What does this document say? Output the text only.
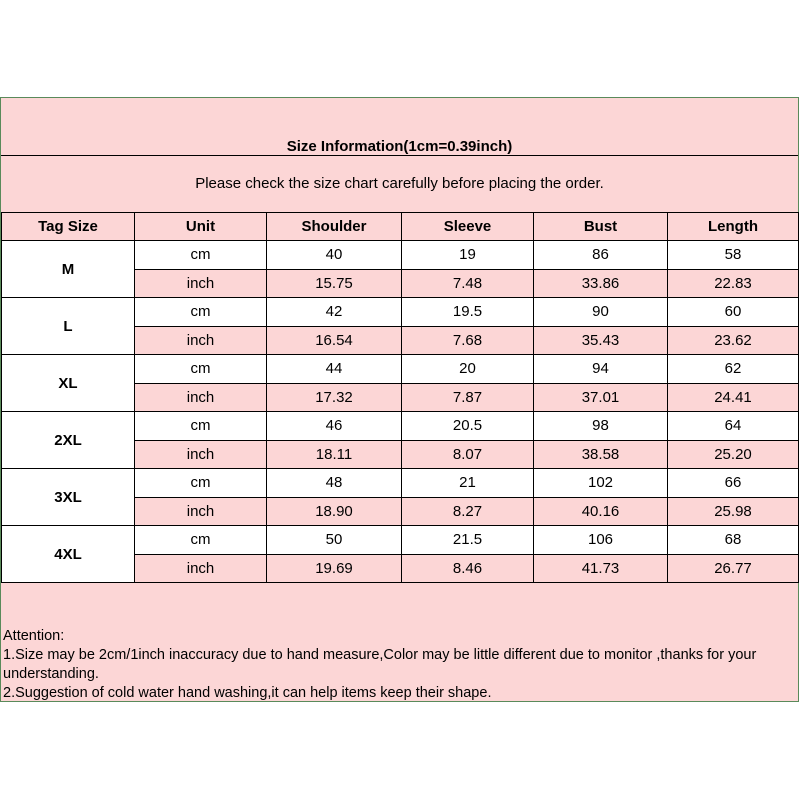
Size Information(1cm=0.39inch)
Please check the size chart carefully before placing the order.
Tag Size	Unit	Shoulder	Sleeve	Bust	Length
M	cm	40	19	86	58
	inch	15.75	7.48	33.86	22.83
L	cm	42	19.5	90	60
	inch	16.54	7.68	35.43	23.62
XL	cm	44	20	94	62
	inch	17.32	7.87	37.01	24.41
2XL	cm	46	20.5	98	64
	inch	18.11	8.07	38.58	25.20
3XL	cm	48	21	102	66
	inch	18.90	8.27	40.16	25.98
4XL	cm	50	21.5	106	68
	inch	19.69	8.46	41.73	26.77
Attention:
1.Size may be 2cm/1inch inaccuracy due to hand measure,Color may be little different due to monitor ,thanks for your understanding.
2.Suggestion of cold water hand washing,it can help items keep their shape.
